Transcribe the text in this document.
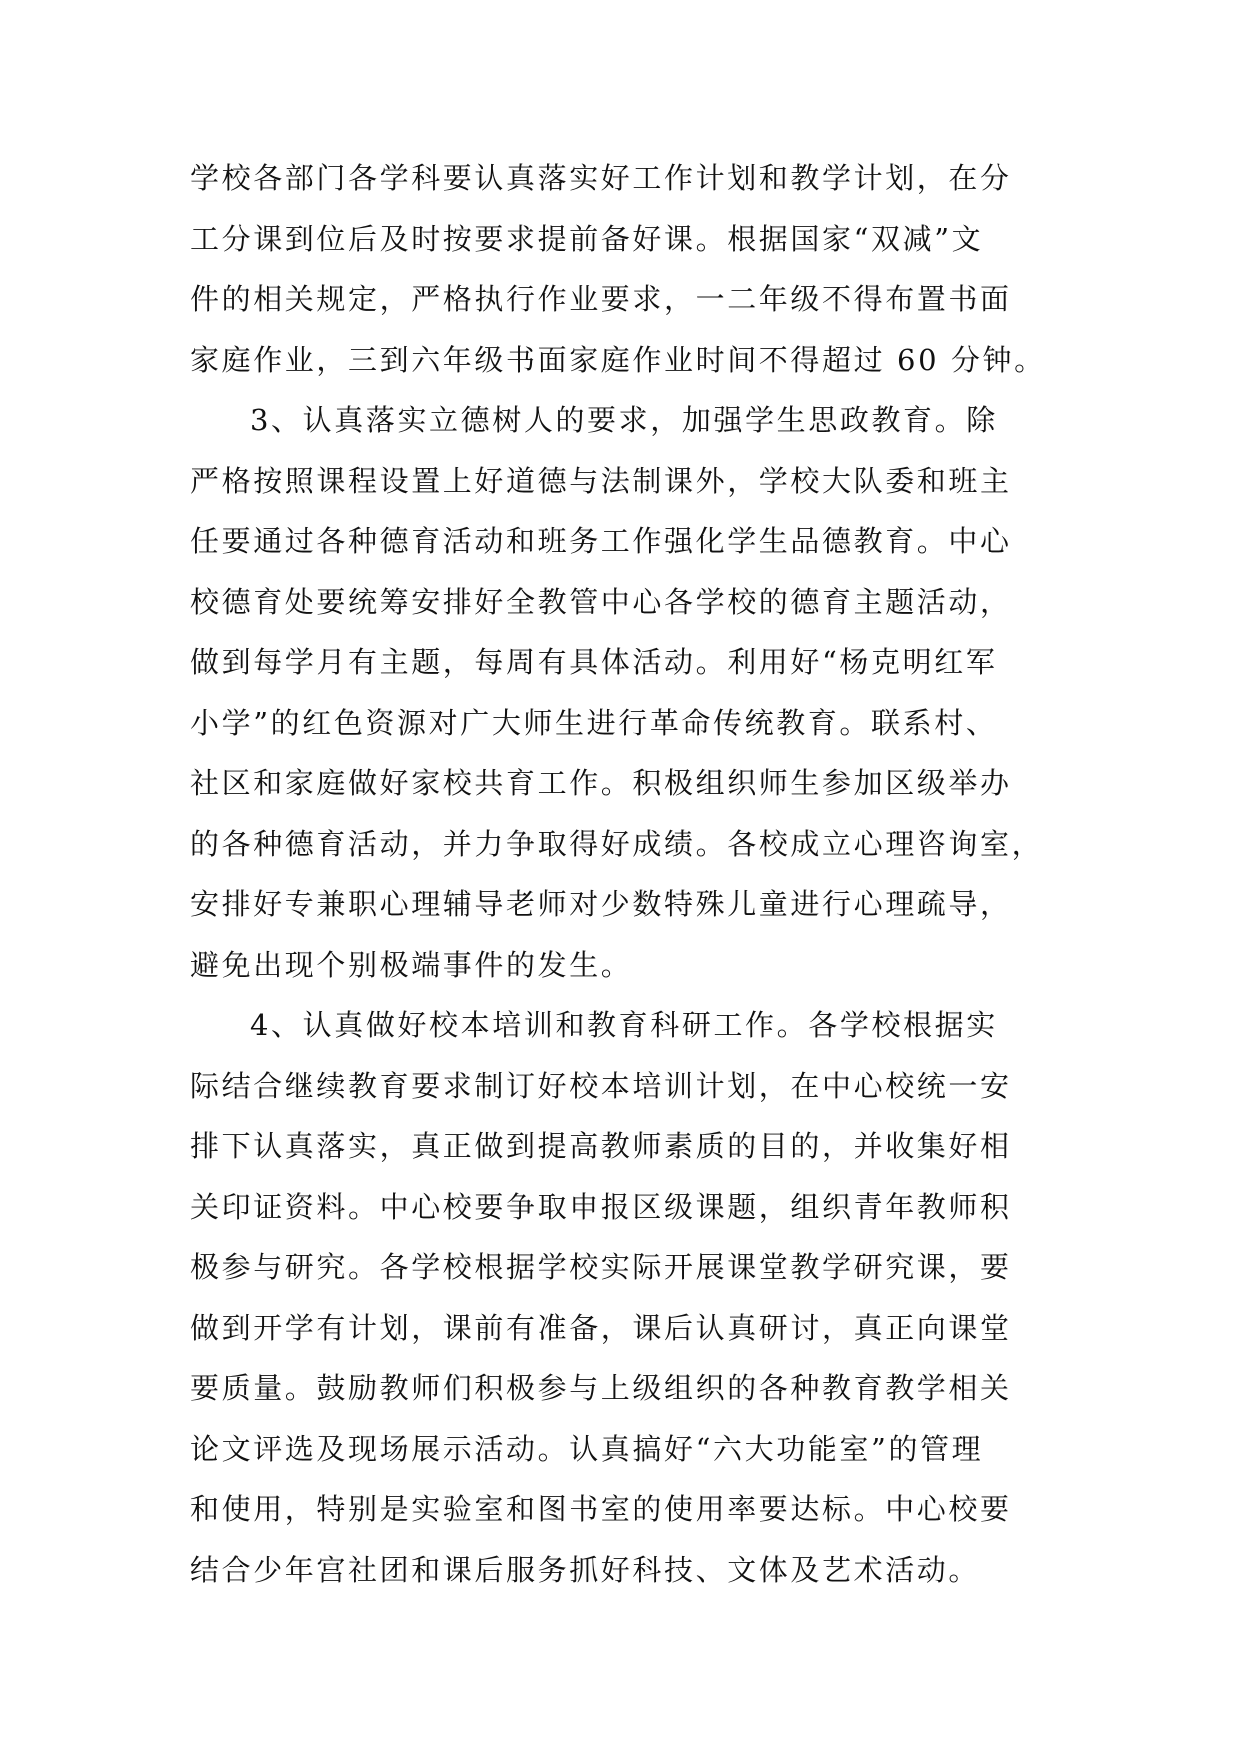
学校各部门各学科要认真落实好工作计划和教学计划，在分
工分课到位后及时按要求提前备好课。根据国家“双减”文
件的相关规定，严格执行作业要求，一二年级不得布置书面
家庭作业，三到六年级书面家庭作业时间不得超过 60 分钟。
3、认真落实立德树人的要求，加强学生思政教育。除
严格按照课程设置上好道德与法制课外，学校大队委和班主
任要通过各种德育活动和班务工作强化学生品德教育。中心
校德育处要统筹安排好全教管中心各学校的德育主题活动，
做到每学月有主题，每周有具体活动。利用好“杨克明红军
小学”的红色资源对广大师生进行革命传统教育。联系村、
社区和家庭做好家校共育工作。积极组织师生参加区级举办
的各种德育活动，并力争取得好成绩。各校成立心理咨询室，
安排好专兼职心理辅导老师对少数特殊儿童进行心理疏导，
避免出现个别极端事件的发生。
4、认真做好校本培训和教育科研工作。各学校根据实
际结合继续教育要求制订好校本培训计划，在中心校统一安
排下认真落实，真正做到提高教师素质的目的，并收集好相
关印证资料。中心校要争取申报区级课题，组织青年教师积
极参与研究。各学校根据学校实际开展课堂教学研究课，要
做到开学有计划，课前有准备，课后认真研讨，真正向课堂
要质量。鼓励教师们积极参与上级组织的各种教育教学相关
论文评选及现场展示活动。认真搞好“六大功能室”的管理
和使用，特别是实验室和图书室的使用率要达标。中心校要
结合少年宫社团和课后服务抓好科技、文体及艺术活动。
